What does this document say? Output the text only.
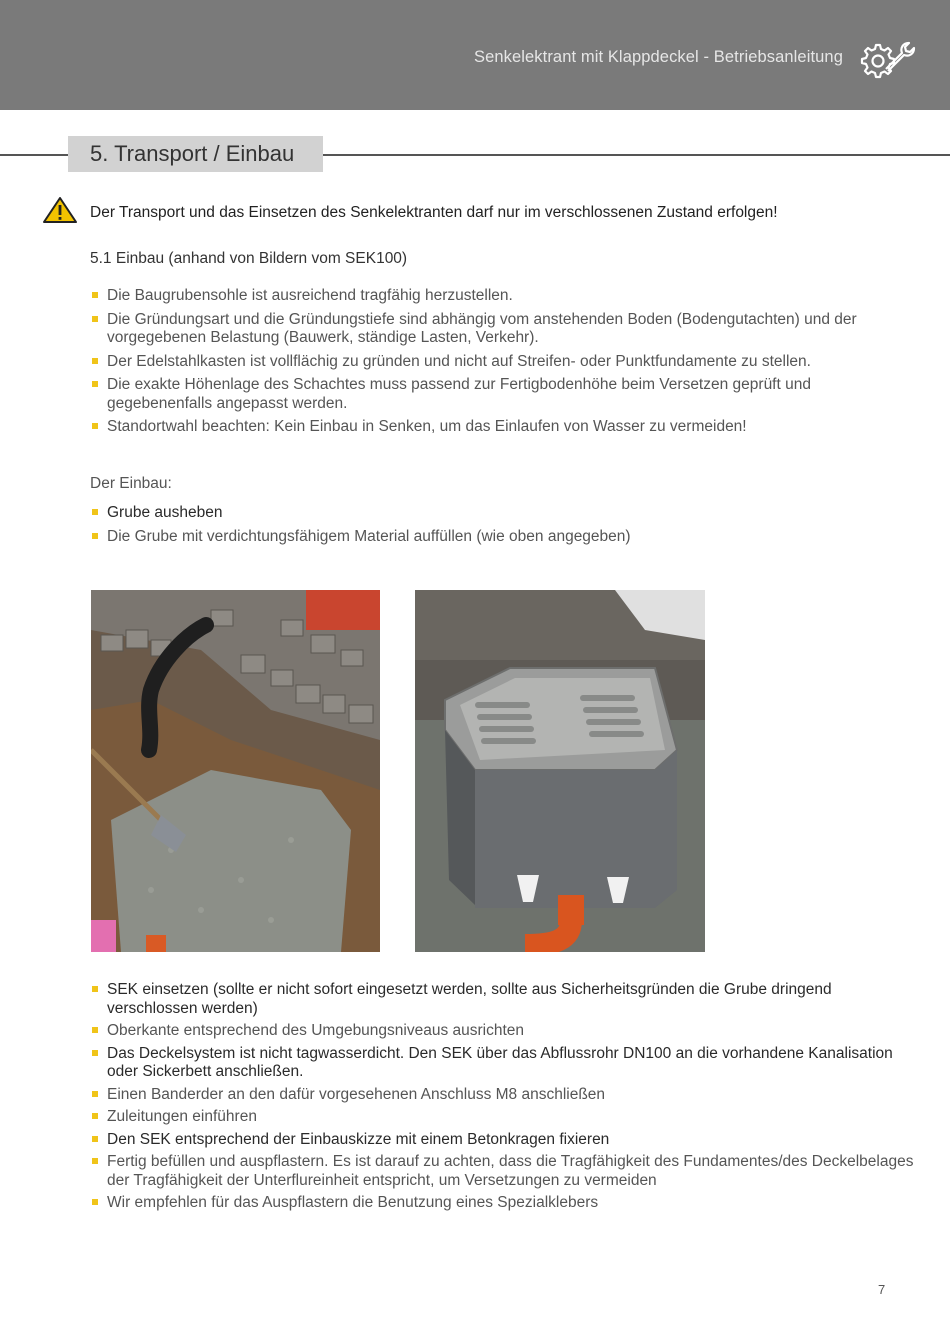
Senkelektrant mit Klappdeckel - Betriebsanleitung
5. Transport / Einbau
Der Transport und das Einsetzen des Senkelektranten darf nur im verschlossenen Zustand erfolgen!
5.1 Einbau (anhand von Bildern vom SEK100)
Die Baugrubensohle ist ausreichend tragfähig herzustellen.
Die Gründungsart und die Gründungstiefe sind abhängig vom anstehenden Boden (Bodengutachten) und der vorgegebenen Belastung (Bauwerk, ständige Lasten, Verkehr).
Der Edelstahlkasten ist vollflächig zu gründen und nicht auf Streifen- oder Punktfundamente zu stellen.
Die exakte Höhenlage des Schachtes muss passend zur Fertigbodenhöhe beim Versetzen geprüft und gegebenenfalls angepasst werden.
Standortwahl beachten: Kein Einbau in Senken, um das Einlaufen von Wasser zu vermeiden!
Der Einbau:
Grube ausheben
Die Grube mit verdichtungsfähigem Material auffüllen (wie oben angegeben)
SEK einsetzen (sollte er nicht sofort eingesetzt werden, sollte aus Sicherheitsgründen die Grube dringend verschlossen werden)
Oberkante entsprechend des Umgebungsniveaus ausrichten
Das Deckelsystem ist nicht tagwasserdicht. Den SEK über das Abflussrohr DN100 an die vorhandene Kanalisation oder Sickerbett anschließen.
Einen Banderder an den dafür vorgesehenen Anschluss M8 anschließen
Zuleitungen einführen
Den SEK entsprechend der Einbauskizze mit einem Betonkragen fixieren
Fertig befüllen und auspflastern. Es ist darauf zu achten, dass die Tragfähigkeit des Fundamentes/des Deckelbelages der Tragfähigkeit der Unterflureinheit entspricht, um Versetzungen zu vermeiden
Wir empfehlen für das Auspflastern die Benutzung eines Spezialklebers
7
